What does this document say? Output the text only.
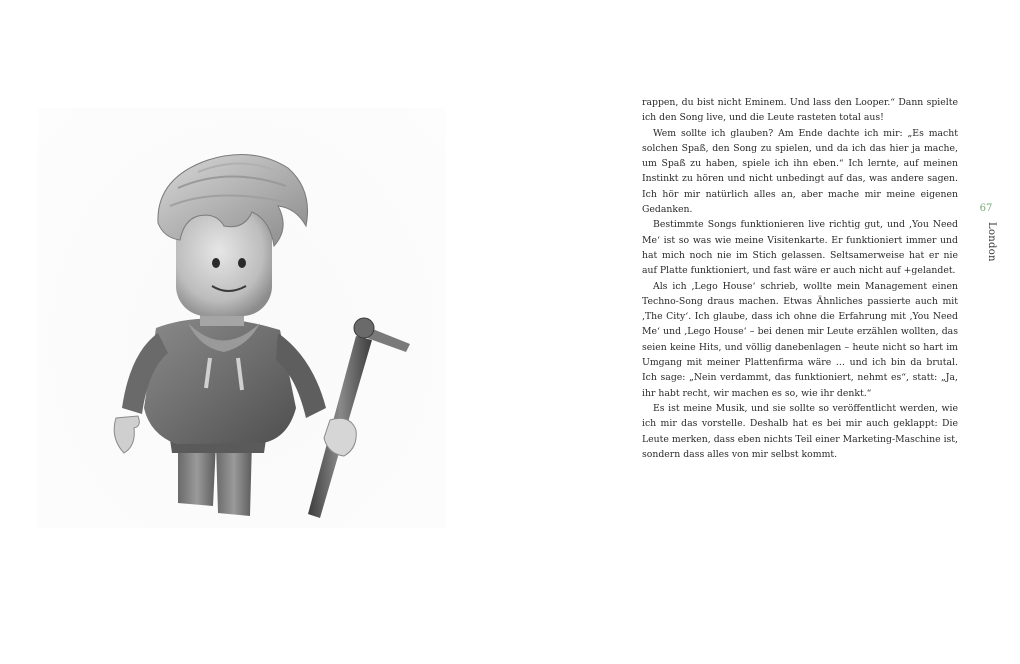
rappen, du bist nicht Eminem. Und lass den Looper.“ Dann spielte ich den Song live, und die Leute rasteten total aus!

Wem sollte ich glauben? Am Ende dachte ich mir: „Es macht solchen Spaß, den Song zu spielen, und da ich das hier ja mache, um Spaß zu haben, spiele ich ihn eben.“ Ich lernte, auf meinen Instinkt zu hören und nicht unbedingt auf das, was andere sagen. Ich hör mir natürlich alles an, aber mache mir meine eigenen Gedanken.

Bestimmte Songs funktionieren live richtig gut, und ‚You Need Me‘ ist so was wie meine Visitenkarte. Er funktioniert immer und hat mich noch nie im Stich gelassen. Seltsamerweise hat er nie auf Platte funktioniert, und fast wäre er auch nicht auf +gelandet.

Als ich ‚Lego House‘ schrieb, wollte mein Management einen Techno-Song draus machen. Etwas Ähnliches passierte auch mit ‚The City‘. Ich glaube, dass ich ohne die Erfahrung mit ‚You Need Me‘ und ‚Lego House‘ – bei denen mir Leute erzählen wollten, das seien keine Hits, und völlig danebenlagen – heute nicht so hart im Umgang mit meiner Plattenfirma wäre … und ich bin da brutal. Ich sage: „Nein verdammt, das funktioniert, nehmt es“, statt: „Ja, ihr habt recht, wir machen es so, wie ihr denkt.“

Es ist meine Musik, und sie sollte so veröffentlicht werden, wie ich mir das vorstelle. Deshalb hat es bei mir auch geklappt: Die Leute merken, dass eben nichts Teil einer Marketing-Maschine ist, sondern dass alles von mir selbst kommt.

67
London
